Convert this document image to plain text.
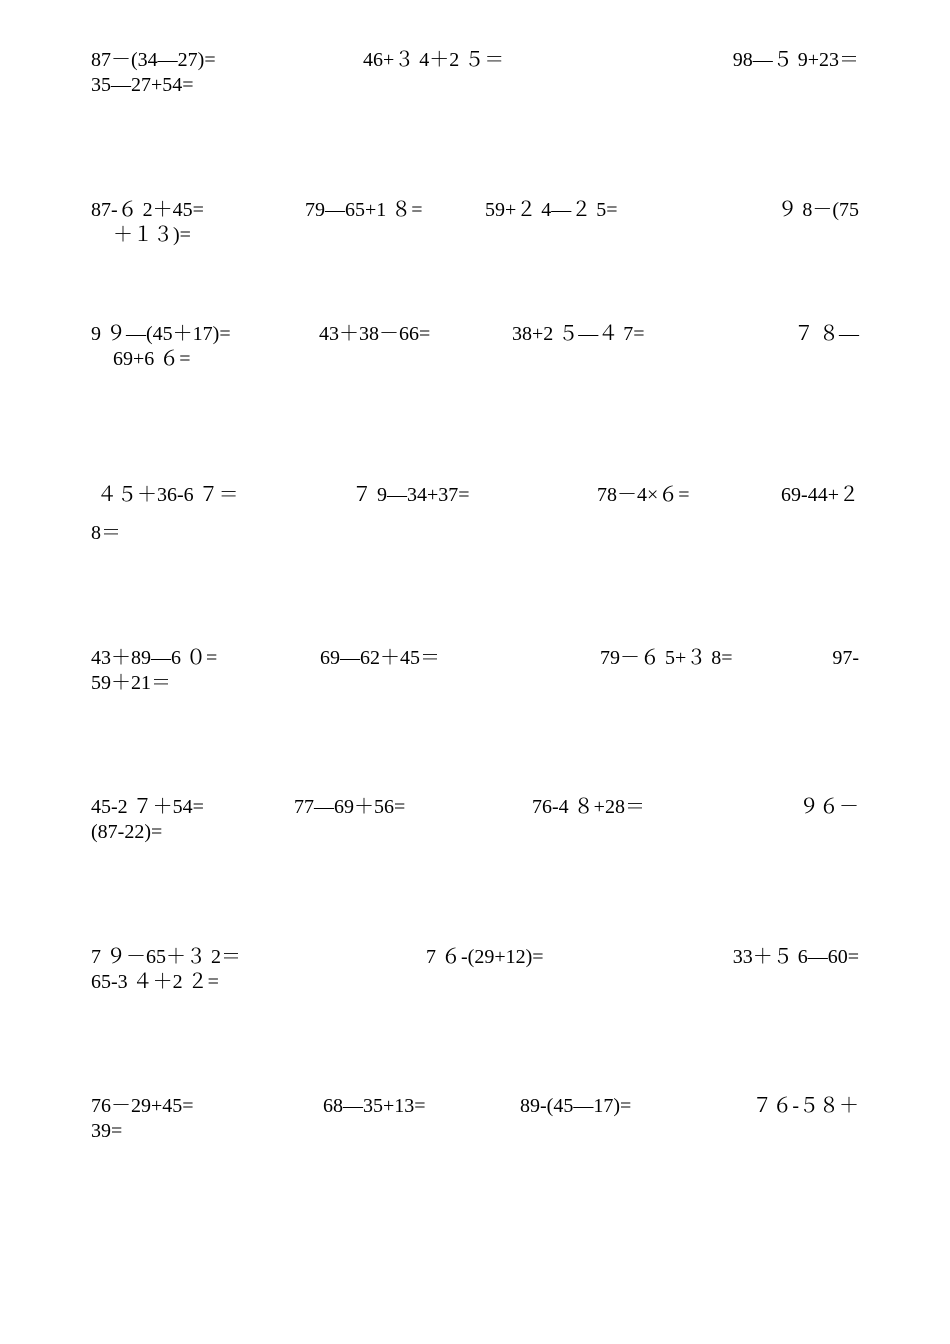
87－(34—27)=	46+３ 4＋2 ５＝	98—５ 9+23＝
35—27+54=
87-６ 2＋45=	79—65+1 ８=	59+２ 4—２ 5=	９ 8－(75
＋１３)=
9 ９—(45＋17)=	43＋38－66=	38+2 ５—４ 7=	７ ８—
69+6 ６=
４５＋36-6 ７＝	７ 9—34+37=	78－4×６=	69-44+２
8＝
43＋89—6 ０=	69—62＋45＝	79－６ 5+３ 8=	97-
59＋21＝
45-2 ７＋54=	77—69＋56=	76-4 ８+28＝	９６－
(87-22)=
7 ９－65＋３ 2＝	7 ６-(29+12)=	33＋５ 6—60=
65-3 ４＋2 ２=
76－29+45=	68—35+13=	89-(45—17)=	７６-５８＋
39=
